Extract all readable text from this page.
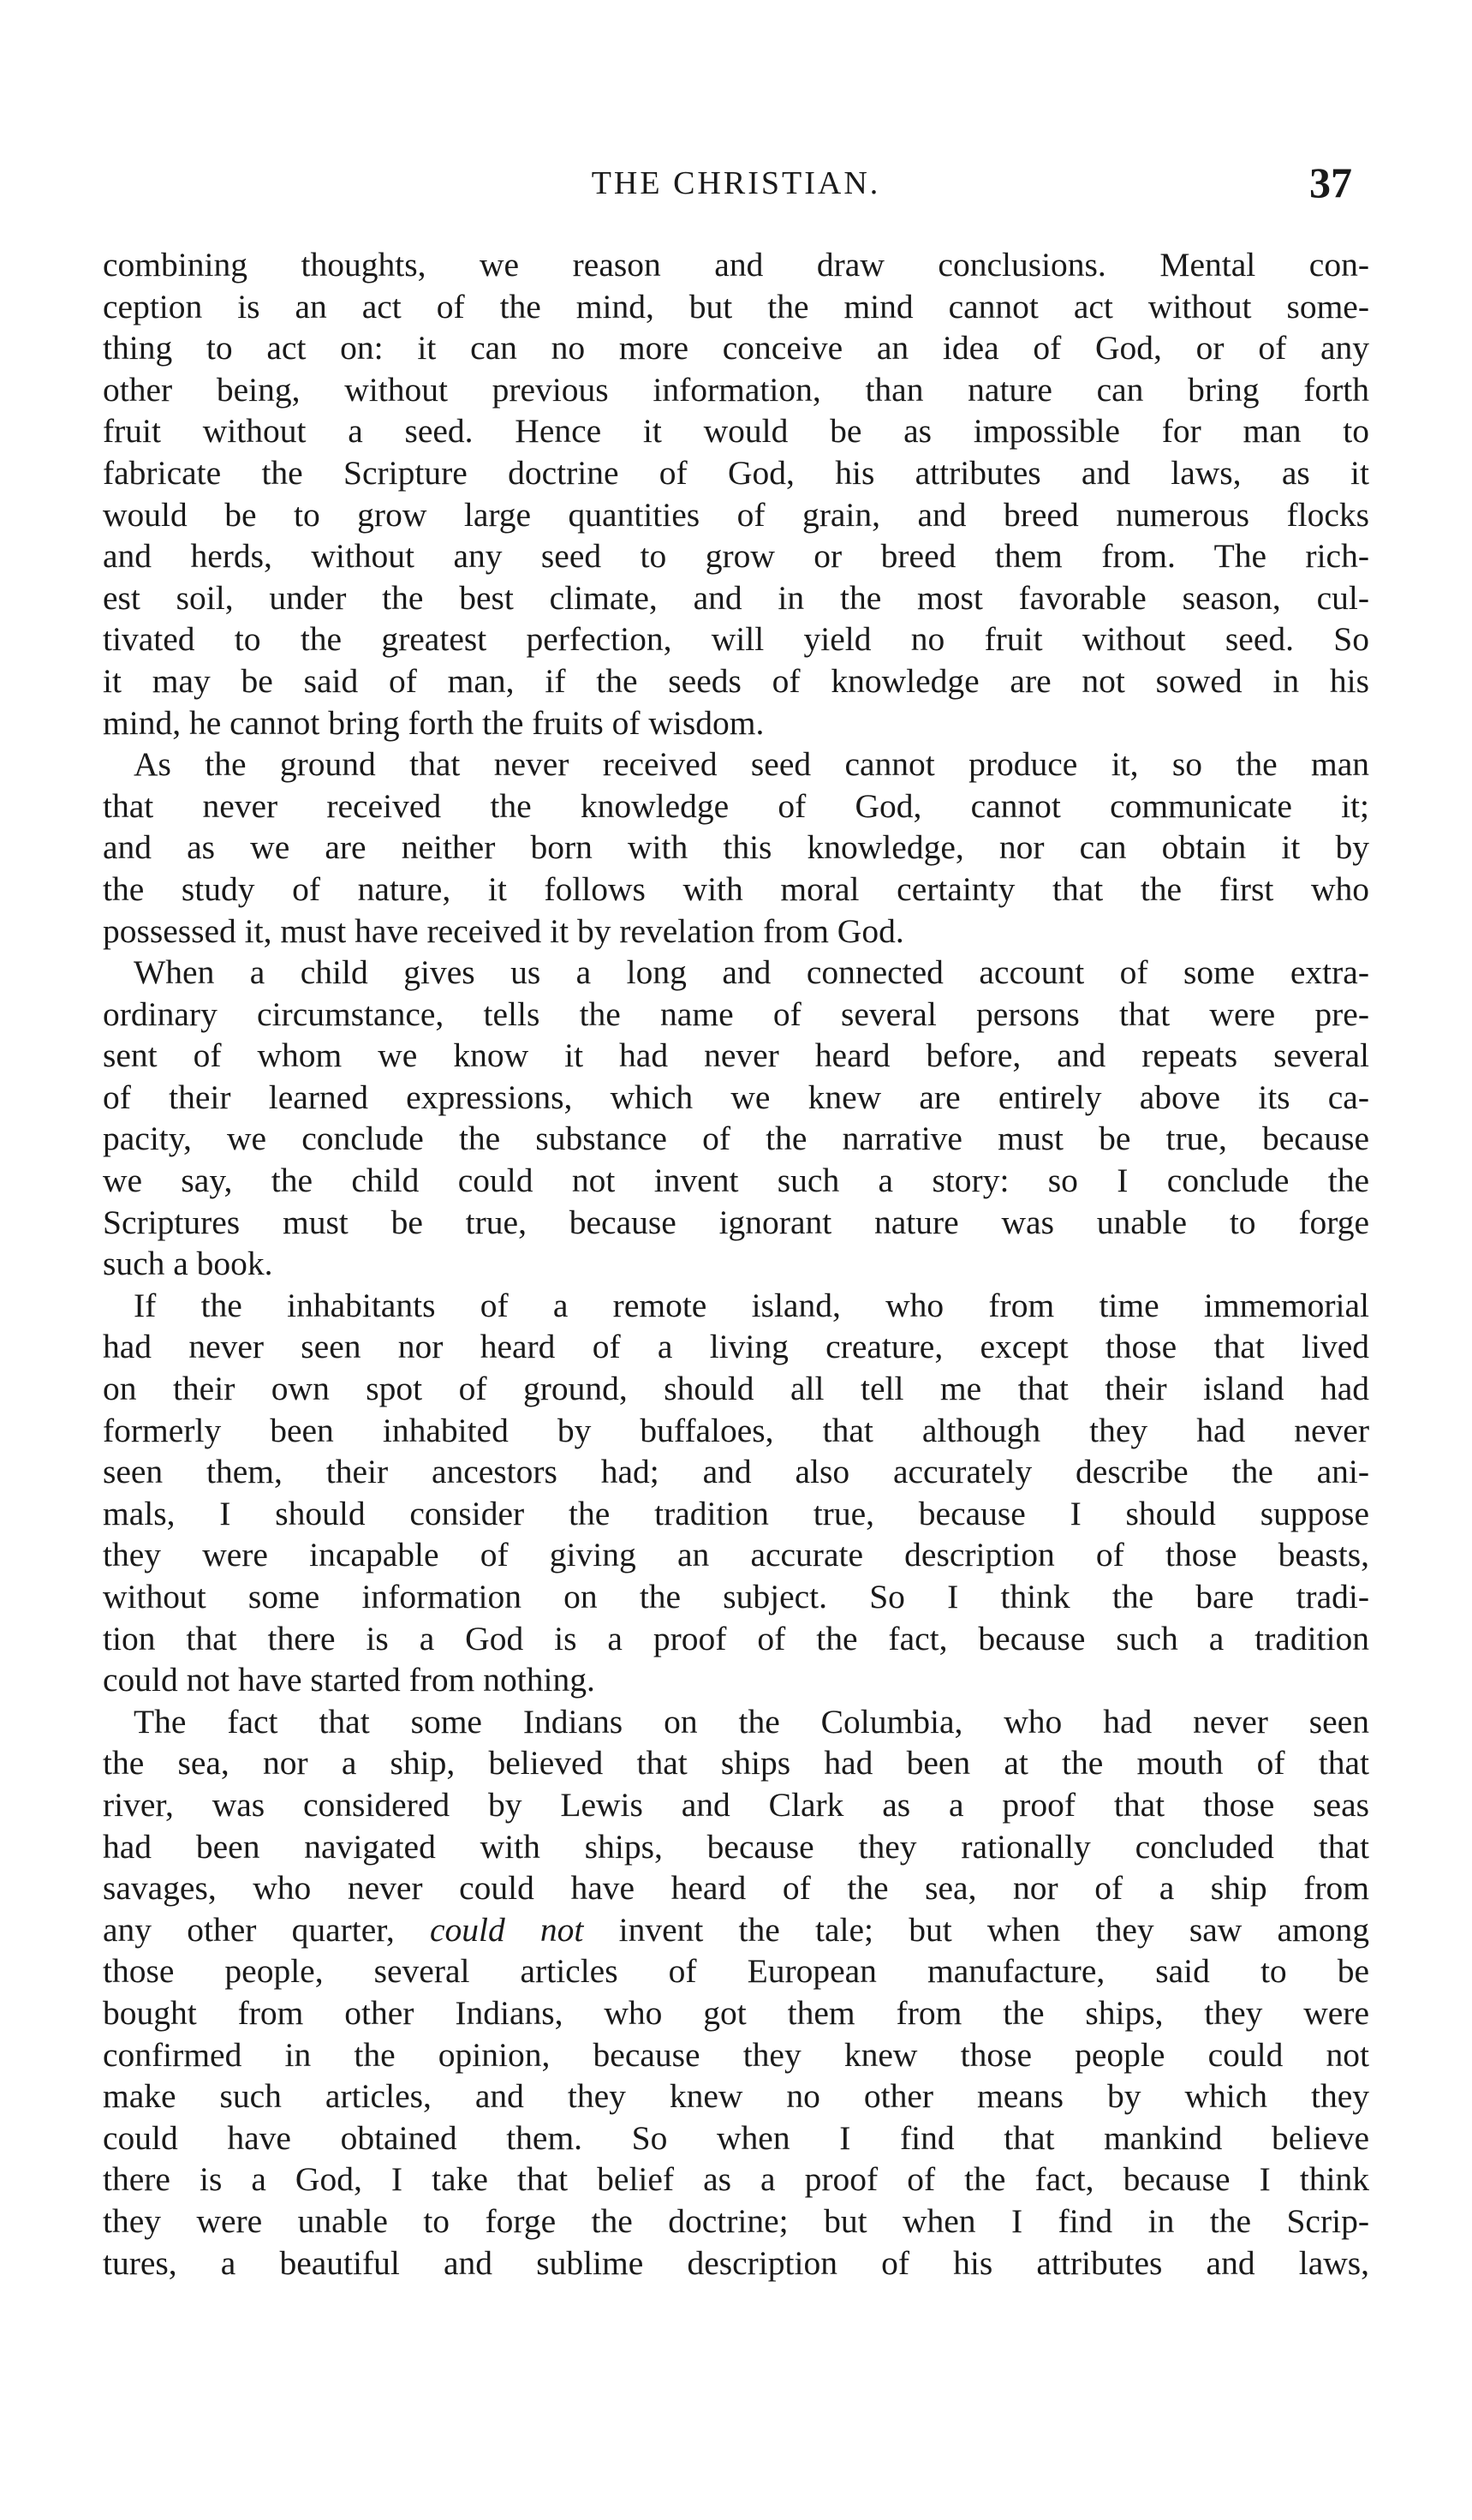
THE CHRISTIAN.	37
combining thoughts, we reason and draw conclusions. Mental con-
ception is an act of the mind, but the mind cannot act without some-
thing to act on: it can no more conceive an idea of God, or of any
other being, without previous information, than nature can bring forth
fruit without a seed. Hence it would be as impossible for man to
fabricate the Scripture doctrine of God, his attributes and laws, as it
would be to grow large quantities of grain, and breed numerous flocks
and herds, without any seed to grow or breed them from. The rich-
est soil, under the best climate, and in the most favorable season, cul-
tivated to the greatest perfection, will yield no fruit without seed. So
it may be said of man, if the seeds of knowledge are not sowed in his
mind, he cannot bring forth the fruits of wisdom.
As the ground that never received seed cannot produce it, so the man
that never received the knowledge of God, cannot communicate it;
and as we are neither born with this knowledge, nor can obtain it by
the study of nature, it follows with moral certainty that the first who
possessed it, must have received it by revelation from God.
When a child gives us a long and connected account of some extra-
ordinary circumstance, tells the name of several persons that were pre-
sent of whom we know it had never heard before, and repeats several
of their learned expressions, which we knew are entirely above its ca-
pacity, we conclude the substance of the narrative must be true, because
we say, the child could not invent such a story: so I conclude the
Scriptures must be true, because ignorant nature was unable to forge
such a book.
If the inhabitants of a remote island, who from time immemorial
had never seen nor heard of a living creature, except those that lived
on their own spot of ground, should all tell me that their island had
formerly been inhabited by buffaloes, that although they had never
seen them, their ancestors had; and also accurately describe the ani-
mals, I should consider the tradition true, because I should suppose
they were incapable of giving an accurate description of those beasts,
without some information on the subject. So I think the bare tradi-
tion that there is a God is a proof of the fact, because such a tradition
could not have started from nothing.
The fact that some Indians on the Columbia, who had never seen
the sea, nor a ship, believed that ships had been at the mouth of that
river, was considered by Lewis and Clark as a proof that those seas
had been navigated with ships, because they rationally concluded that
savages, who never could have heard of the sea, nor of a ship from
any other quarter, could not invent the tale; but when they saw among
those people, several articles of European manufacture, said to be
bought from other Indians, who got them from the ships, they were
confirmed in the opinion, because they knew those people could not
make such articles, and they knew no other means by which they
could have obtained them. So when I find that mankind believe
there is a God, I take that belief as a proof of the fact, because I think
they were unable to forge the doctrine; but when I find in the Scrip-
tures, a beautiful and sublime description of his attributes and laws,
